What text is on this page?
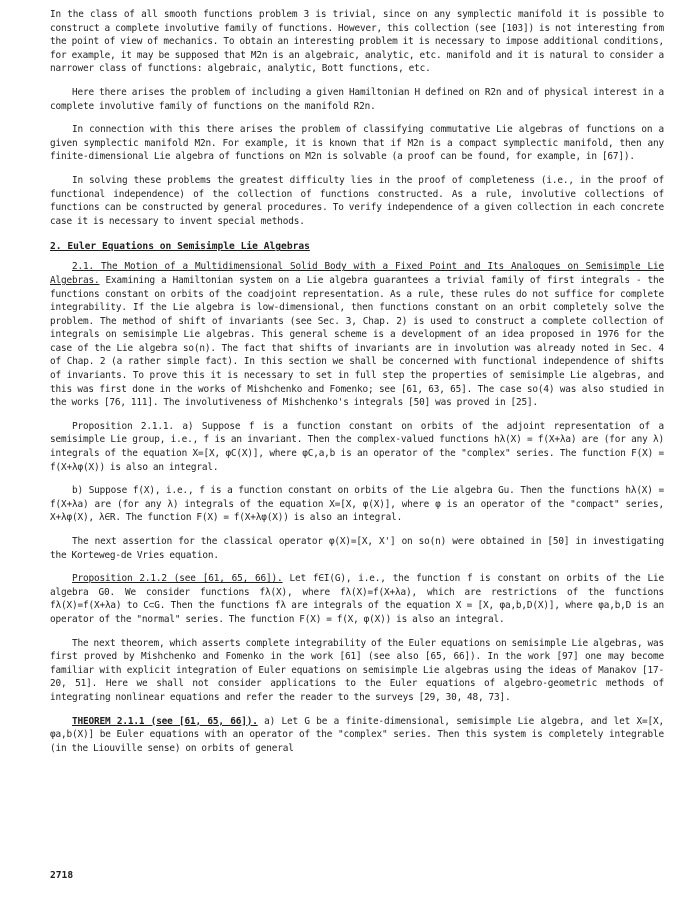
In the class of all smooth functions problem 3 is trivial, since on any symplectic manifold it is possible to construct a complete involutive family of functions. However, this collection (see [103]) is not interesting from the point of view of mechanics. To obtain an interesting problem it is necessary to impose additional conditions, for example, it may be supposed that M2n is an algebraic, analytic, etc. manifold and it is natural to consider a narrower class of functions: algebraic, analytic, Bott functions, etc.

Here there arises the problem of including a given Hamiltonian H defined on R2n and of physical interest in a complete involutive family of functions on the manifold R2n.

In connection with this there arises the problem of classifying commutative Lie algebras of functions on a given symplectic manifold M2n. For example, it is known that if M2n is a compact symplectic manifold, then any finite-dimensional Lie algebra of functions on M2n is solvable (a proof can be found, for example, in [67]).

In solving these problems the greatest difficulty lies in the proof of completeness (i.e., in the proof of functional independence) of the collection of functions constructed. As a rule, involutive collections of functions can be constructed by general procedures. To verify independence of a given collection in each concrete case it is necessary to invent special methods.

2. Euler Equations on Semisimple Lie Algebras

2.1. The Motion of a Multidimensional Solid Body with a Fixed Point and Its Analogues on Semisimple Lie Algebras. Examining a Hamiltonian system on a Lie algebra guarantees a trivial family of first integrals - the functions constant on orbits of the coadjoint representation. As a rule, these rules do not suffice for complete integrability. If the Lie algebra is low-dimensional, then functions constant on an orbit completely solve the problem. The method of shift of invariants (see Sec. 3, Chap. 2) is used to construct a complete collection of integrals on semisimple Lie algebras. This general scheme is a development of an idea proposed in 1976 for the case of the Lie algebra so(n). The fact that shifts of invariants are in involution was already noted in Sec. 4 of Chap. 2 (a rather simple fact). In this section we shall be concerned with functional independence of shifts of invariants. To prove this it is necessary to set in full step the properties of semisimple Lie algebras, and this was first done in the works of Mishchenko and Fomenko; see [61, 63, 65]. The case so(4) was also studied in the works [76, 111]. The involutiveness of Mishchenko's integrals [50] was proved in [25].

Proposition 2.1.1. a) Suppose f is a function constant on orbits of the adjoint representation of a semisimple Lie group, i.e., f is an invariant. Then the complex-valued functions hλ(X) = f(X+λa) are (for any λ) integrals of the equation X=[X, φC(X)], where φC,a,b is an operator of the "complex" series. The function F(X) = f(X+λφ(X)) is also an integral.

b) Suppose f(X), i.e., f is a function constant on orbits of the Lie algebra Gu. Then the functions hλ(X) = f(X+λa) are (for any λ) integrals of the equation X=[X, φ(X)], where φ is an operator of the "compact" series, X+λφ(X), λ∈R. The function F(X) = f(X+λφ(X)) is also an integral.

The next assertion for the classical operator φ(X)=[X, X'] on so(n) were obtained in [50] in investigating the Korteweg-de Vries equation.

Proposition 2.1.2 (see [61, 65, 66]). Let f∈I(G), i.e., the function f is constant on orbits of the Lie algebra G0. We consider functions fλ(X), where fλ(X)=f(X+λa), which are restrictions of the functions fλ(X)=f(X+λa) to C⊂G. Then the functions fλ are integrals of the equation X = [X, φa,b,D(X)], where φa,b,D is an operator of the "normal" series. The function F(X) = f(X, φ(X)) is also an integral.

The next theorem, which asserts complete integrability of the Euler equations on semisimple Lie algebras, was first proved by Mishchenko and Fomenko in the work [61] (see also [65, 66]). In the work [97] one may become familiar with explicit integration of Euler equations on semisimple Lie algebras using the ideas of Manakov [17-20, 51]. Here we shall not consider applications to the Euler equations of algebro-geometric methods of integrating nonlinear equations and refer the reader to the surveys [29, 30, 48, 73].

THEOREM 2.1.1 (see [61, 65, 66]). a) Let G be a finite-dimensional, semisimple Lie algebra, and let X=[X, φa,b(X)] be Euler equations with an operator of the "complex" series. Then this system is completely integrable (in the Liouville sense) on orbits of general

2718
